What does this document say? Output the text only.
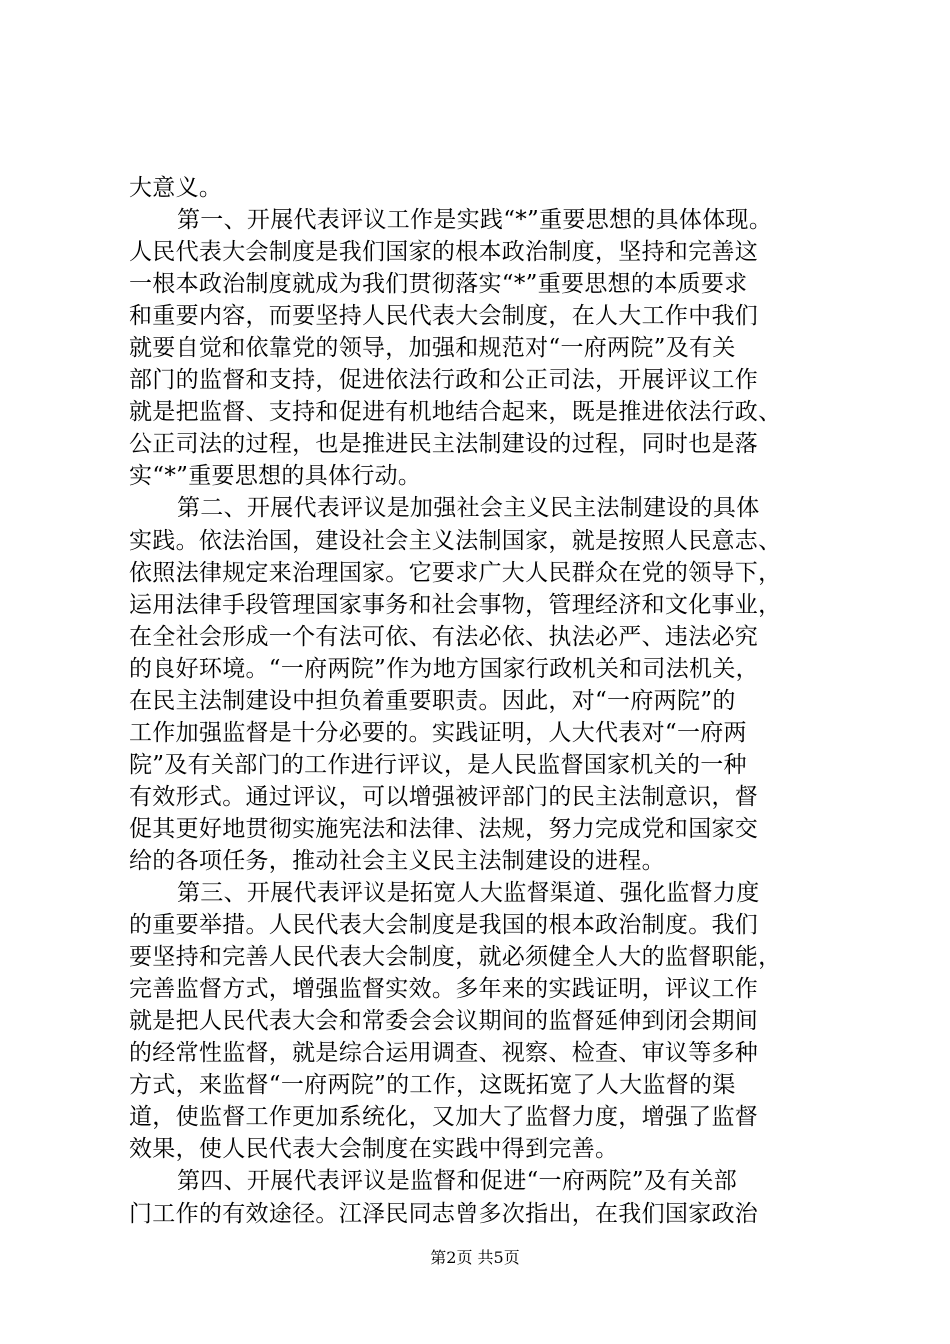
大意义。
第一、开展代表评议工作是实践“*”重要思想的具体体现。
人民代表大会制度是我们国家的根本政治制度，坚持和完善这
一根本政治制度就成为我们贯彻落实“*”重要思想的本质要求
和重要内容，而要坚持人民代表大会制度，在人大工作中我们
就要自觉和依靠党的领导，加强和规范对“一府两院”及有关
部门的监督和支持，促进依法行政和公正司法，开展评议工作
就是把监督、支持和促进有机地结合起来，既是推进依法行政、
公正司法的过程，也是推进民主法制建设的过程，同时也是落
实“*”重要思想的具体行动。
第二、开展代表评议是加强社会主义民主法制建设的具体
实践。依法治国，建设社会主义法制国家，就是按照人民意志、
依照法律规定来治理国家。它要求广大人民群众在党的领导下，
运用法律手段管理国家事务和社会事物，管理经济和文化事业，
在全社会形成一个有法可依、有法必依、执法必严、违法必究
的良好环境。“一府两院”作为地方国家行政机关和司法机关，
在民主法制建设中担负着重要职责。因此，对“一府两院”的
工作加强监督是十分必要的。实践证明，人大代表对“一府两
院”及有关部门的工作进行评议，是人民监督国家机关的一种
有效形式。通过评议，可以增强被评部门的民主法制意识，督
促其更好地贯彻实施宪法和法律、法规，努力完成党和国家交
给的各项任务，推动社会主义民主法制建设的进程。
第三、开展代表评议是拓宽人大监督渠道、强化监督力度
的重要举措。人民代表大会制度是我国的根本政治制度。我们
要坚持和完善人民代表大会制度，就必须健全人大的监督职能，
完善监督方式，增强监督实效。多年来的实践证明，评议工作
就是把人民代表大会和常委会会议期间的监督延伸到闭会期间
的经常性监督，就是综合运用调查、视察、检查、审议等多种
方式，来监督“一府两院”的工作，这既拓宽了人大监督的渠
道，使监督工作更加系统化，又加大了监督力度，增强了监督
效果，使人民代表大会制度在实践中得到完善。
第四、开展代表评议是监督和促进“一府两院”及有关部
门工作的有效途径。江泽民同志曾多次指出，在我们国家政治
第2页 共5页
